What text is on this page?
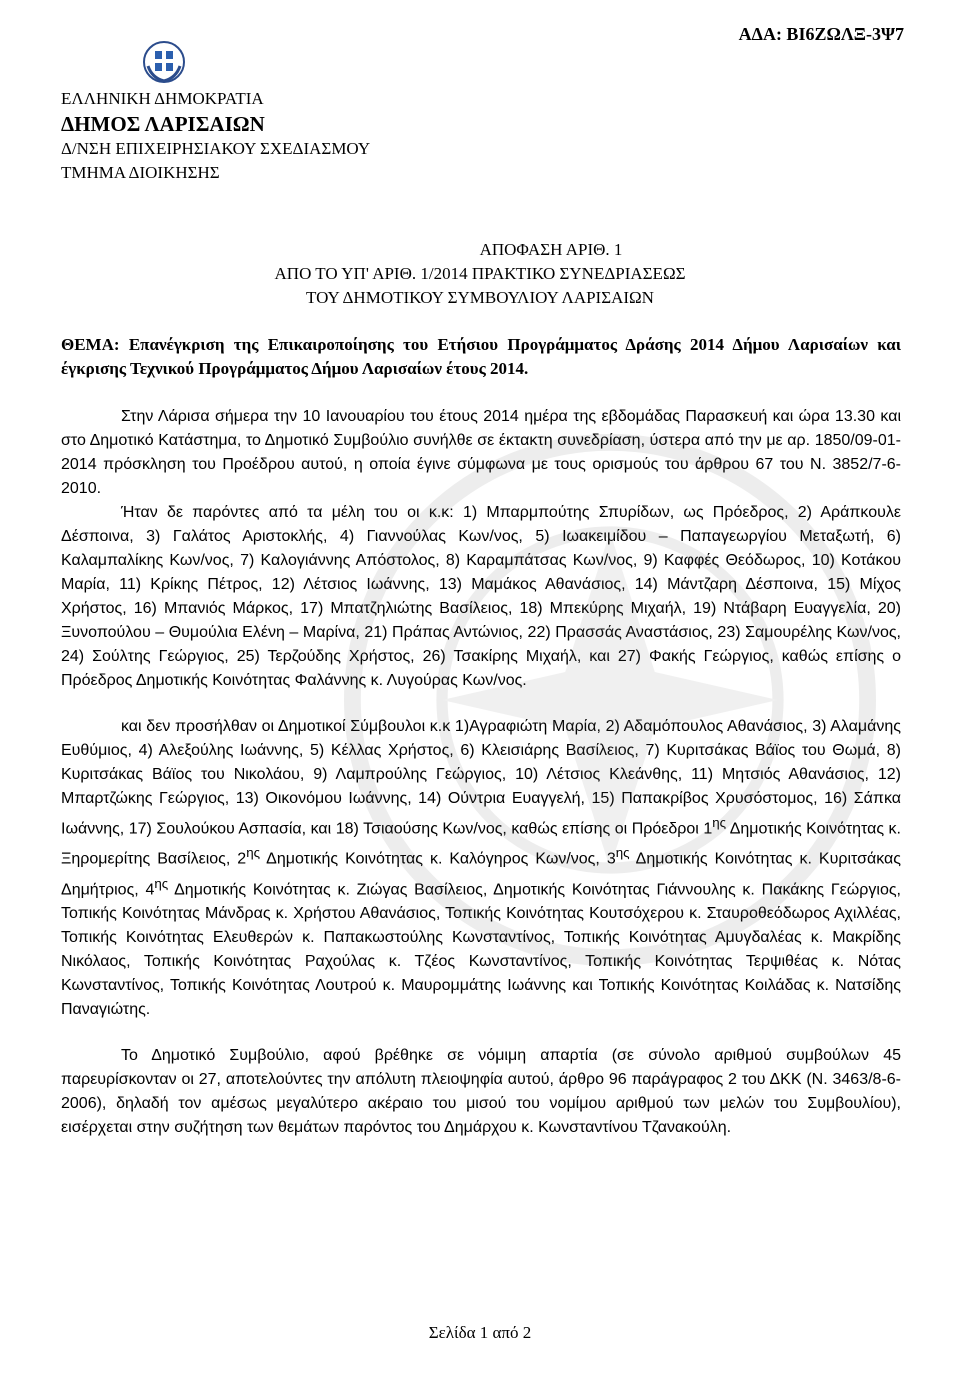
ΑΔΑ: ΒΙ6ΖΩΛΞ-3Ψ7
ΕΛΛΗΝΙΚΗ ΔΗΜΟΚΡΑΤΙΑ
ΔΗΜΟΣ ΛΑΡΙΣΑΙΩΝ
Δ/ΝΣΗ ΕΠΙΧΕΙΡΗΣΙΑΚΟΥ ΣΧΕΔΙΑΣΜΟΥ
ΤΜΗΜΑ ΔΙΟΙΚΗΣΗΣ
ΑΠΟΦΑΣΗ ΑΡΙΘ. 1
ΑΠΟ ΤΟ ΥΠ' ΑΡΙΘ. 1/2014 ΠΡΑΚΤΙΚΟ ΣΥΝΕΔΡΙΑΣΕΩΣ
ΤΟΥ ΔΗΜΟΤΙΚΟΥ ΣΥΜΒΟΥΛΙΟΥ ΛΑΡΙΣΑΙΩΝ
ΘΕΜΑ: Επανέγκριση της Επικαιροποίησης του Ετήσιου Προγράμματος Δράσης 2014 Δήμου Λαρισαίων και έγκρισης Τεχνικού Προγράμματος Δήμου Λαρισαίων έτους 2014.

Στην Λάρισα σήμερα την 10 Ιανουαρίου του έτους 2014 ημέρα της εβδομάδας Παρασκευή και ώρα 13.30 και στο Δημοτικό Κατάστημα, το Δημοτικό Συμβούλιο συνήλθε σε έκτακτη συνεδρίαση, ύστερα από την με αρ. 1850/09-01-2014 πρόσκληση του Προέδρου αυτού, η οποία έγινε σύμφωνα με τους ορισμούς του άρθρου 67 του Ν. 3852/7-6-2010.

Ήταν δε παρόντες από τα μέλη του οι κ.κ: 1) Μπαρμπούτης Σπυρίδων, ως Πρόεδρος, 2) Αράπκουλε Δέσποινα, 3) Γαλάτος Αριστοκλής, 4) Γιαννούλας Κων/νος, 5) Ιωακειμίδου – Παπαγεωργίου Μεταξωτή, 6) Καλαμπαλίκης Κων/νος, 7) Καλογιάννης Απόστολος, 8) Καραμπάτσας Κων/νος, 9) Καφφές Θεόδωρος, 10) Κοτάκου Μαρία, 11) Κρίκης Πέτρος, 12) Λέτσιος Ιωάννης, 13) Μαμάκος Αθανάσιος, 14) Μάντζαρη Δέσποινα, 15) Μίχος Χρήστος, 16) Μπανιός Μάρκος, 17) Μπατζηλιώτης Βασίλειος, 18) Μπεκύρης Μιχαήλ, 19) Ντάβαρη Ευαγγελία, 20) Ξυνοπούλου – Θυμούλια Ελένη – Μαρίνα, 21) Πράπας Αντώνιος, 22) Πρασσάς Αναστάσιος, 23) Σαμουρέλης Κων/νος, 24) Σούλτης Γεώργιος, 25) Τερζούδης Χρήστος, 26) Τσακίρης Μιχαήλ, και 27) Φακής Γεώργιος, καθώς επίσης ο Πρόεδρος Δημοτικής Κοινότητας Φαλάννης κ. Λυγούρας Κων/νος.

και δεν προσήλθαν οι Δημοτικοί Σύμβουλοι κ.κ 1)Αγραφιώτη Μαρία, 2) Αδαμόπουλος Αθανάσιος, 3) Αλαμάνης Ευθύμιος, 4) Αλεξούλης Ιωάννης, 5) Κέλλας Χρήστος, 6) Κλεισιάρης Βασίλειος, 7) Κυριτσάκας Βάϊος του Θωμά, 8) Κυριτσάκας Βάϊος του Νικολάου, 9) Λαμπρούλης Γεώργιος, 10) Λέτσιος Κλεάνθης, 11) Μητσιός Αθανάσιος, 12) Μπαρτζώκης Γεώργιος, 13) Οικονόμου Ιωάννης, 14) Ούντρια Ευαγγελή, 15) Παπακρίβος Χρυσόστομος, 16) Σάπκα Ιωάννης, 17) Σουλούκου Ασπασία, και 18) Τσιαούσης Κων/νος, καθώς επίσης οι Πρόεδροι $1^{\eta\varsigma}$ Δημοτικής Κοινότητας κ. Ξηρομερίτης Βασίλειος, $2^{\eta\varsigma}$ Δημοτικής Κοινότητας κ. Καλόγηρος Κων/νος, $3^{\eta\varsigma}$ Δημοτικής Κοινότητας κ. Κυριτσάκας Δημήτριος, $4^{\eta\varsigma}$ Δημοτικής Κοινότητας κ. Ζιώγας Βασίλειος, Δημοτικής Κοινότητας Γιάννουλης κ. Πακάκης Γεώργιος, Τοπικής Κοινότητας Μάνδρας κ. Χρήστου Αθανάσιος, Τοπικής Κοινότητας Κουτσόχερου κ. Σταυροθεόδωρος Αχιλλέας, Τοπικής Κοινότητας Ελευθερών κ. Παπακωστούλης Κωνσταντίνος, Τοπικής Κοινότητας Αμυγδαλέας κ. Μακρίδης Νικόλαος, Τοπικής Κοινότητας Ραχούλας κ. Τζέος Κωνσταντίνος, Τοπικής Κοινότητας Τερψιθέας κ. Νότας Κωνσταντίνος, Τοπικής Κοινότητας Λουτρού κ. Μαυρομμάτης Ιωάννης και Τοπικής Κοινότητας Κοιλάδας κ. Νατσίδης Παναγιώτης.

Το Δημοτικό Συμβούλιο, αφού βρέθηκε σε νόμιμη απαρτία (σε σύνολο αριθμού συμβούλων 45 παρευρίσκονταν οι 27, αποτελούντες την απόλυτη πλειοψηφία αυτού, άρθρο 96 παράγραφος 2 του ΔΚΚ (Ν. 3463/8-6-2006), δηλαδή τον αμέσως μεγαλύτερο ακέραιο του μισού του νομίμου αριθμού των μελών του Συμβουλίου), εισέρχεται στην συζήτηση των θεμάτων παρόντος του Δημάρχου κ. Κωνσταντίνου Τζανακούλη.

Σελίδα 1 από 2
